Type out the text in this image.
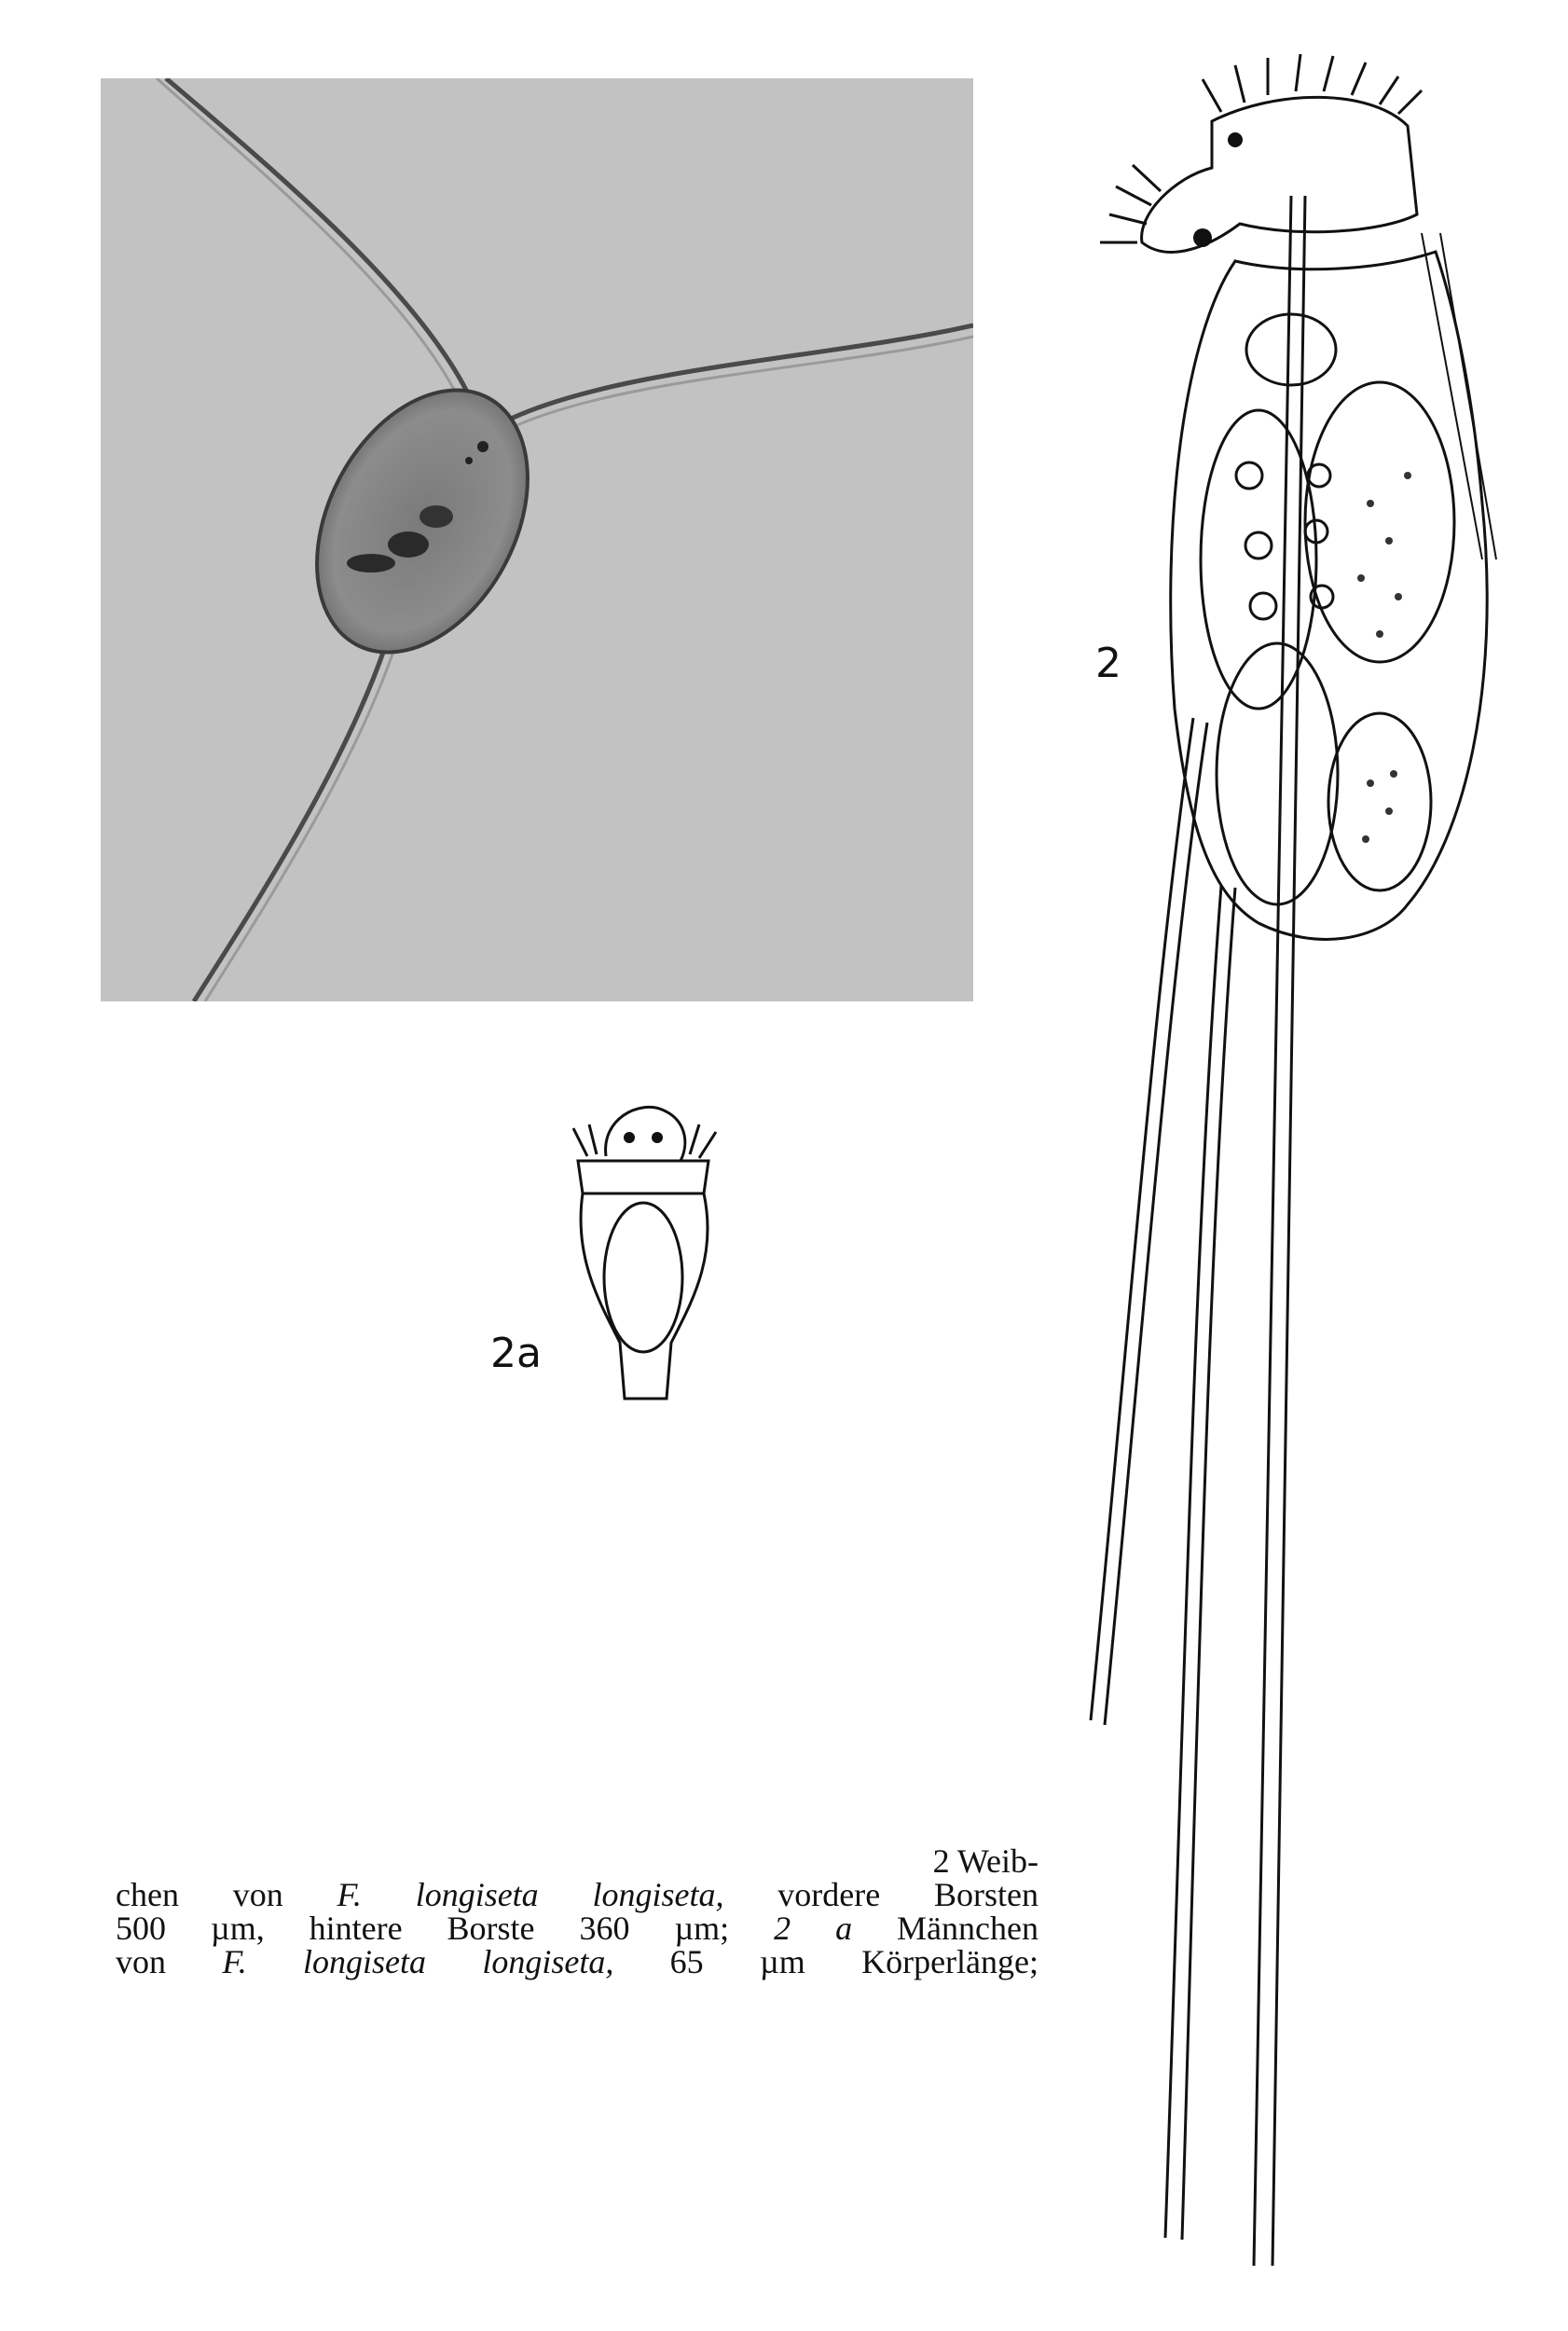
2
2a
2 Weib-
chen von F. longiseta longiseta, vordere Borsten
500 µm, hintere Borste 360 µm; 2 a Männchen
von F. longiseta longiseta, 65 µm Körperlänge;
